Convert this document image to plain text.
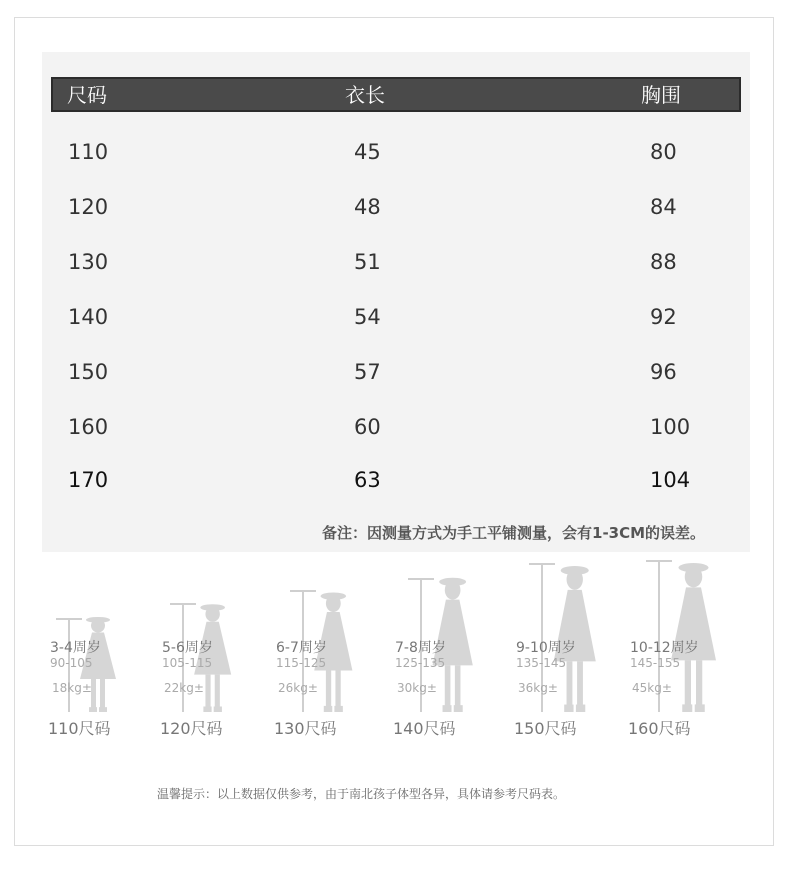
尺码	衣长	胸围
110	45	80
120	48	84
130	51	88
140	54	92
150	57	96
160	60	100
170	63	104
备注：因测量方式为手工平铺测量，会有1-3CM的误差。
3-4周岁
90-105
18kg±
110尺码
5-6周岁
105-115
22kg±
120尺码
6-7周岁
115-125
26kg±
130尺码
7-8周岁
125-135
30kg±
140尺码
9-10周岁
135-145
36kg±
150尺码
10-12周岁
145-155
45kg±
160尺码
温馨提示：以上数据仅供参考，由于南北孩子体型各异，具体请参考尺码表。
